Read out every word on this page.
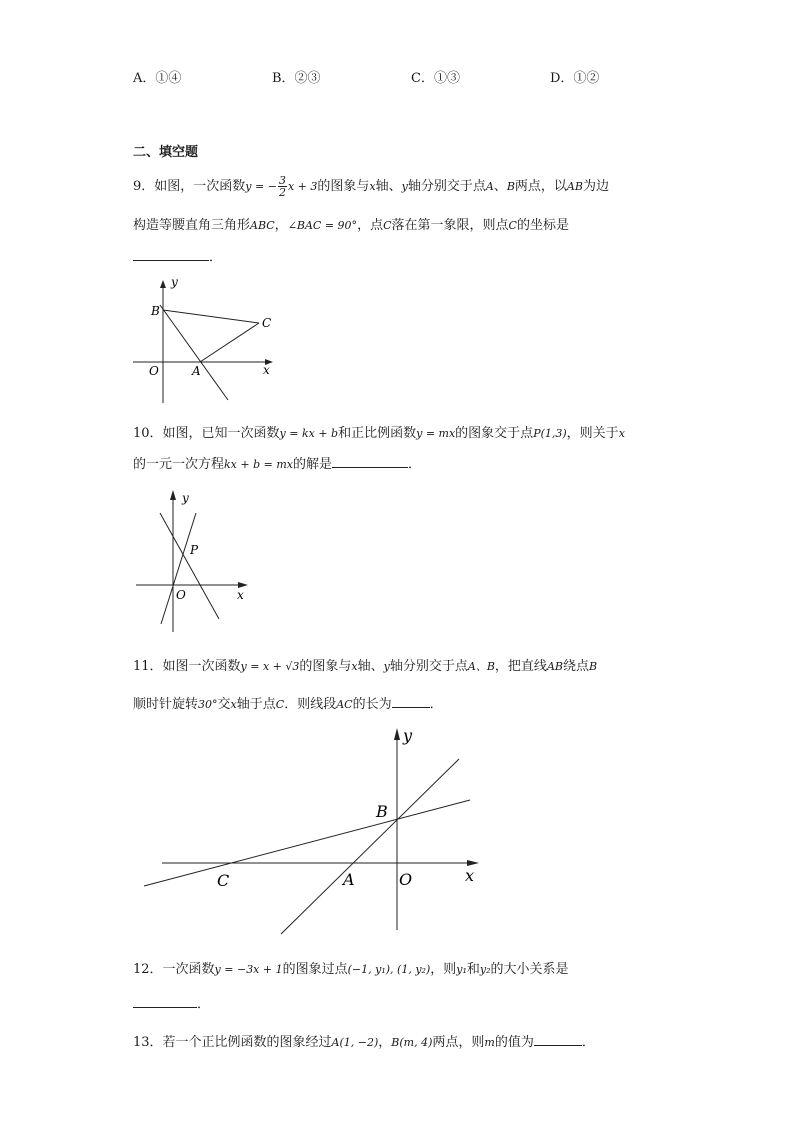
A．①④	B．②③	C．①③	D．①②
二、填空题
9．如图，一次函数y = − $\frac{3}{2}$ x + 3的图象与x轴、y轴分别交于点A、B两点，以AB为边
构造等腰直角三角形ABC，∠BAC = 90°，点C落在第一象限，则点C的坐标是
．
B
C
O	A	x
y
10．如图，已知一次函数y = kx + b和正比例函数y = mx的图象交于点P(1,3)，则关于x
的一元一次方程kx + b = mx的解是	．
y
P
O	x
11．如图一次函数y = x + √3的图象与x轴、y轴分别交于点A、B，把直线AB绕点B
顺时针旋转30°交x轴于点C．则线段AC的长为	．
y
B
C	A	O	x
12．一次函数y = −3x + 1的图象过点(−1, y₁), (1, y₂)，则y₁和y₂的大小关系是
．
13．若一个正比例函数的图象经过A(1, −2)，B(m, 4)两点，则m的值为	．
